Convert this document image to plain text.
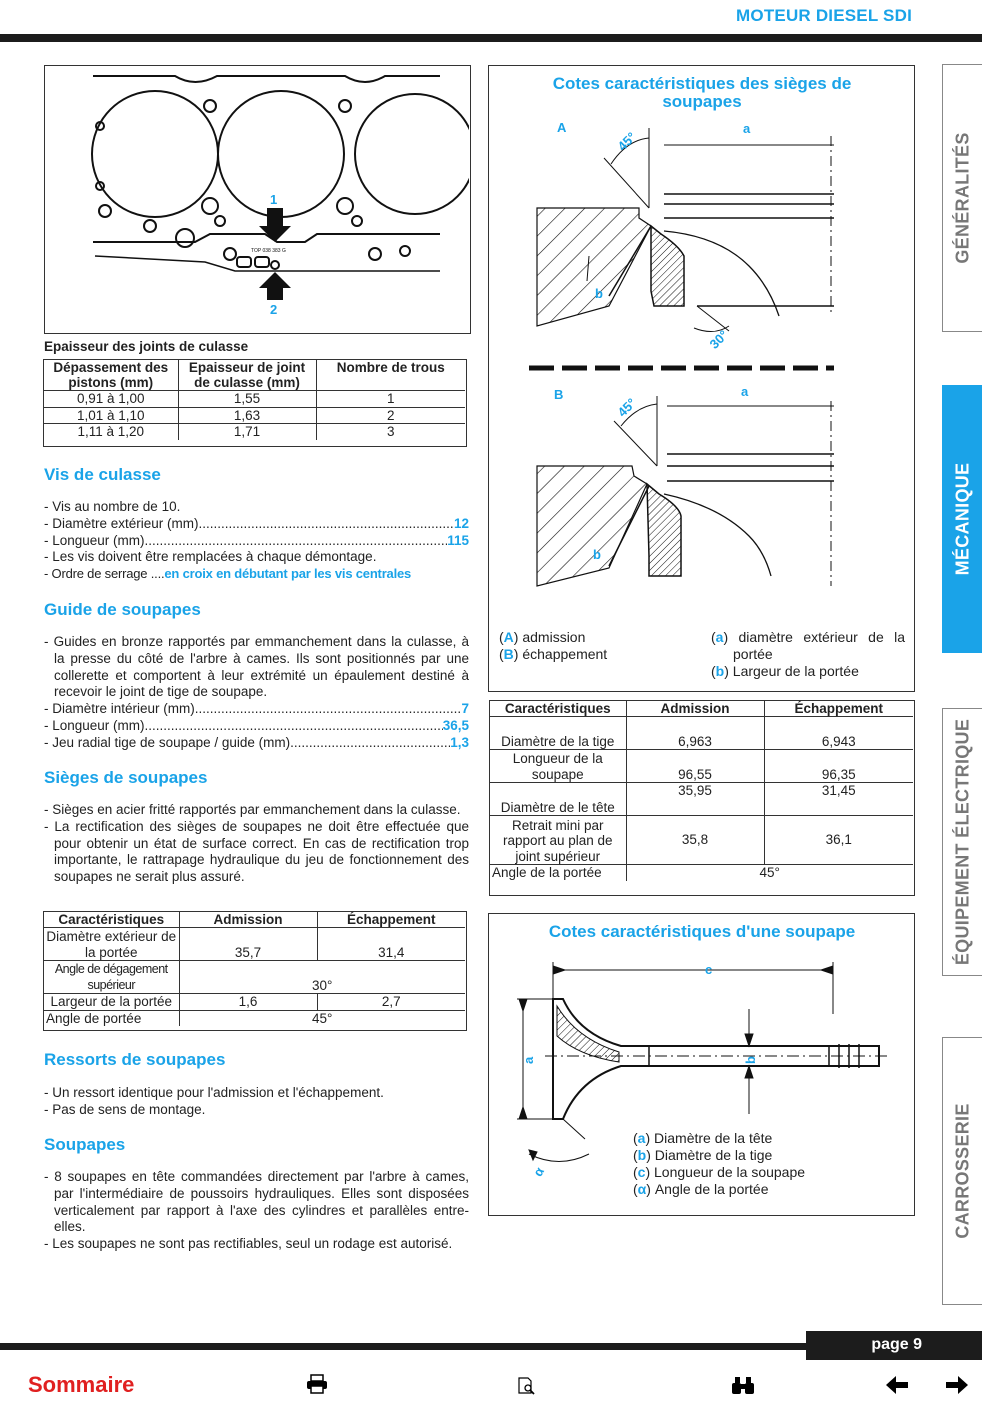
MOTEUR DIESEL SDI
GÉNÉRALITÉS
MÉCANIQUE
ÉQUIPEMENT ÉLECTRIQUE
CARROSSERIE
TOP 038 383 G
1
2
Epaisseur des joints de culasse
Dépassement des pistons (mm)	Epaisseur de joint de culasse (mm)	Nombre de trous
0,91 à 1,00	1,55	1
1,01 à 1,10	1,63	2
1,11 à 1,20	1,71	3
Vis de culasse
- Vis au nombre de 10.
- Diamètre extérieur (mm) .....	12
- Longueur (mm) .....	115
- Les vis doivent être remplacées à chaque démontage.
- Ordre de serrage ....en croix en débutant par les vis centrales
Guide de soupapes

- Guides en bronze rapportés par emmanchement dans la culasse, à la presse du côté de l'arbre à cames. Ils sont positionnés par une collerette et comportent à leur extrémité un épaulement destiné à recevoir le joint de tige de soupape.

- Diamètre intérieur (mm) .....	7
- Longueur (mm) .....	36,5
- Jeu radial tige de soupape / guide (mm) .....	1,3
Sièges de soupapes

- Sièges en acier fritté rapportés par emmanchement dans la culasse.

- La rectification des sièges de soupapes ne doit être effectuée que pour obtenir un état de surface correct. En cas de rectification trop importante, le rattrapage hydraulique du jeu de fonctionnement des soupapes ne serait plus assuré.

Caractéristiques	Admission	Échappement
Diamètre extérieur de la portée	35,7	31,4
Angle de dégagement supérieur	30°	
Largeur de la portée	1,6	2,7
Angle de portée	45°	
Ressorts de soupapes
- Un ressort identique pour l'admission et l'échappement.
- Pas de sens de montage.
Soupapes

- 8 soupapes en tête commandées directement par l'arbre à cames, par l'intermédiaire de poussoirs hydrauliques. Elles sont disposées verticalement par rapport à l'axe des cylindres et parallèles entre-elles.

- Les soupapes ne sont pas rectifiables, seul un rodage est autorisé.

Cotes caractéristiques des sièges de soupapes
A	a
45°
b
30°
B	a
45°
b
(A) admission
(B) échappement
(a) diamètre extérieur de la portée
(b) Largeur de la portée
Caractéristiques	Admission	Échappement
Diamètre de la tige	6,963	6,943
Longueur de la soupape	96,55	96,35
Diamètre de le tête	35,95	31,45
Retrait mini par rapport au plan de joint supérieur	35,8	36,1
Angle de la portée	45°	
Cotes caractéristiques d'une soupape
c
a	b
α
(a) Diamètre de la tête
(b) Diamètre de la tige
(c) Longueur de la soupape
(α) Angle de la portée
page 9
Sommaire
